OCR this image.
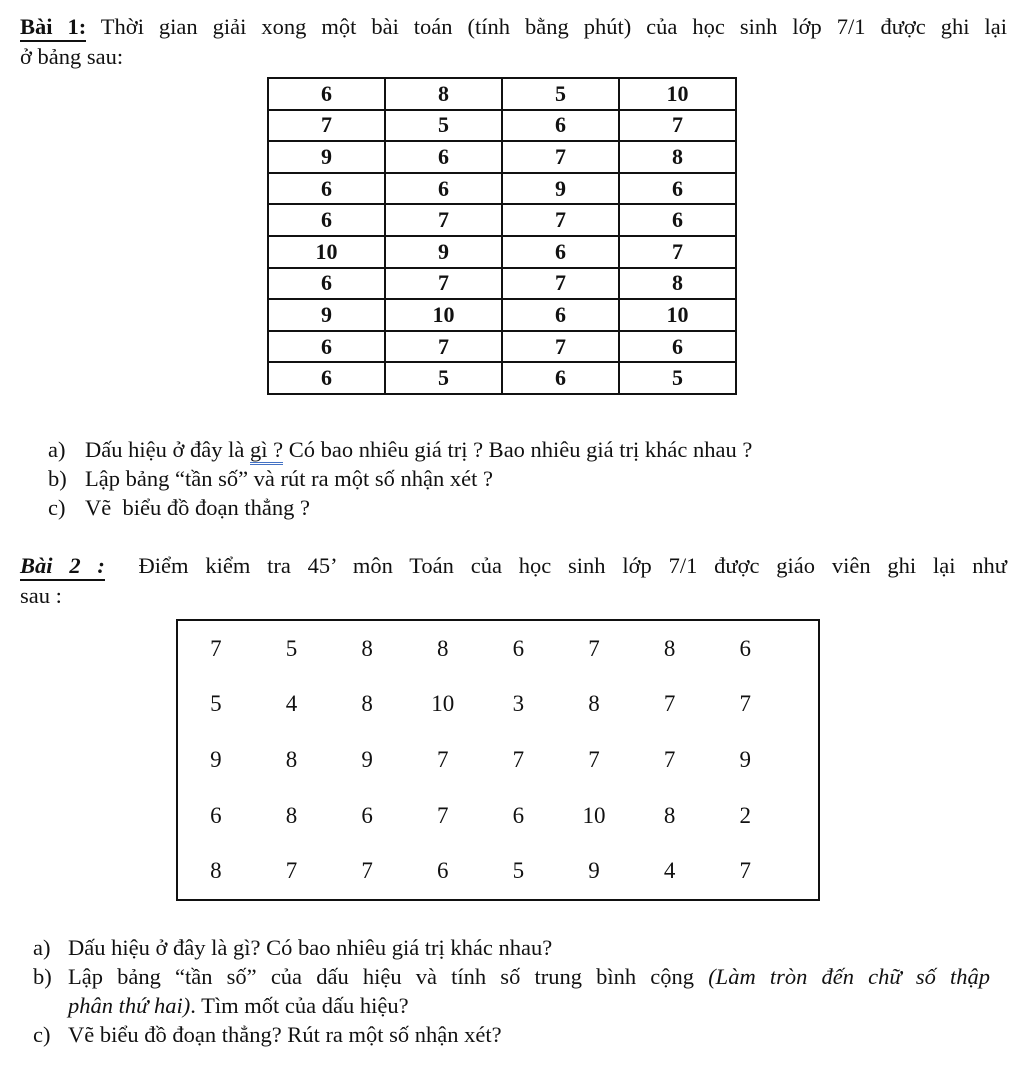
Bài 1: Thời gian giải xong một bài toán (tính bằng phút) của học sinh lớp 7/1 được ghi lại
ở bảng sau:
6	8	5	10
7	5	6	7
9	6	7	8
6	6	9	6
6	7	7	6
10	9	6	7
6	7	7	8
9	10	6	10
6	7	7	6
6	5	6	5
a) Dấu hiệu ở đây là gì ? Có bao nhiêu giá trị ? Bao nhiêu giá trị khác nhau ?
b) Lập bảng “tần số” và rút ra một số nhận xét ?
c) Vẽ  biểu đồ đoạn thẳng ?
Bài 2 :  Điểm kiểm tra 45’ môn Toán của học sinh lớp 7/1 được giáo viên ghi lại như
sau :
7	5	8	8	6	7	8	6
5	4	8	10	3	8	7	7
9	8	9	7	7	7	7	9
6	8	6	7	6	10	8	2
8	7	7	6	5	9	4	7
a) Dấu hiệu ở đây là gì? Có bao nhiêu giá trị khác nhau?
b) Lập bảng “tần số” của dấu hiệu và tính số trung bình cộng (Làm tròn đến chữ số thập
phân thứ hai). Tìm mốt của dấu hiệu?
c) Vẽ biểu đồ đoạn thẳng? Rút ra một số nhận xét?
